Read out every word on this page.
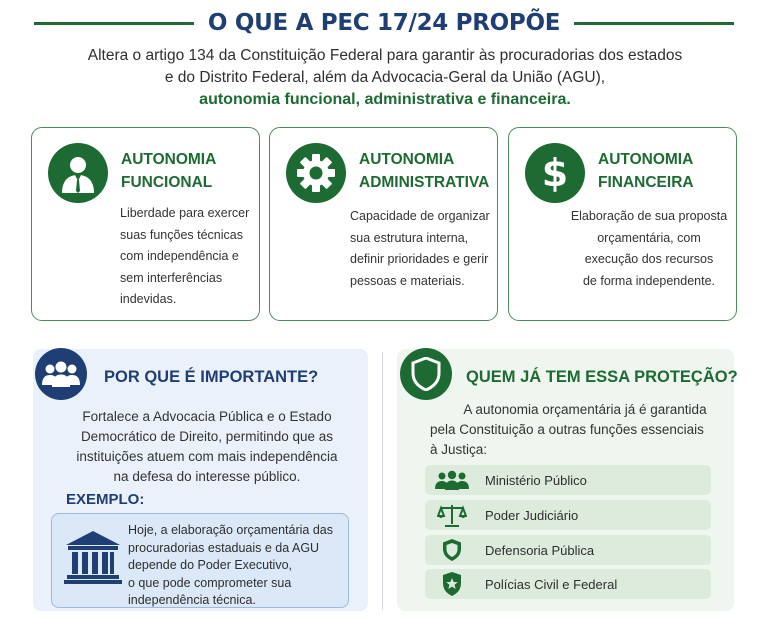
O QUE A PEC 17/24 PROPÕE
Altera o artigo 134 da Constituição Federal para garantir às procuradorias dos estados
e do Distrito Federal, além da Advocacia-Geral da União (AGU),
autonomia funcional, administrativa e financeira.
AUTONOMIA
FUNCIONAL
Liberdade para exercer
suas funções técnicas
com independência e
sem interferências
indevidas.
AUTONOMIA
ADMINISTRATIVA
Capacidade de organizar
sua estrutura interna,
definir prioridades e gerir
pessoas e materiais.
$ AUTONOMIA
FINANCEIRA
Elaboração de sua proposta
orçamentária, com
execução dos recursos
de forma independente.
POR QUE É IMPORTANTE?
Fortalece a Advocacia Pública e o Estado
Democrático de Direito, permitindo que as
instituições atuem com mais independência
na defesa do interesse público.
EXEMPLO:
Hoje, a elaboração orçamentária das
procuradorias estaduais e da AGU
depende do Poder Executivo,
o que pode comprometer sua
independência técnica.
QUEM JÁ TEM ESSA PROTEÇÃO?
A autonomia orçamentária já é garantida
pela Constituição a outras funções essenciais
à Justiça:
Ministério Público
Poder Judiciário
Defensoria Pública
Polícias Civil e Federal
